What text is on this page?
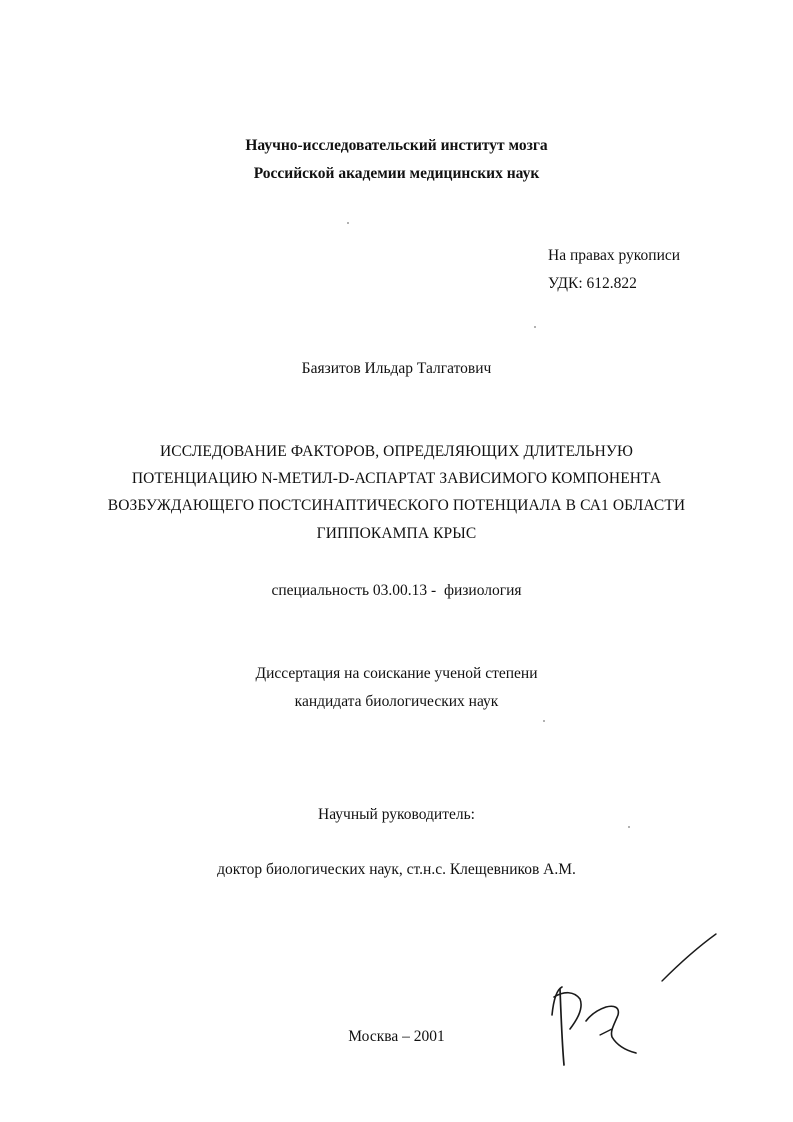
Научно-исследовательский институт мозга
Российской академии медицинских наук
На правах рукописи
УДК: 612.822
Баязитов Ильдар Талгатович
ИССЛЕДОВАНИЕ ФАКТОРОВ, ОПРЕДЕЛЯЮЩИХ ДЛИТЕЛЬНУЮ
ПОТЕНЦИАЦИЮ N-МЕТИЛ-D-АСПАРТАТ ЗАВИСИМОГО КОМПОНЕНТА
ВОЗБУЖДАЮЩЕГО ПОСТСИНАПТИЧЕСКОГО ПОТЕНЦИАЛА В СА1 ОБЛАСТИ
ГИППОКАМПА КРЫС
специальность 03.00.13 -  физиология
Диссертация на соискание ученой степени
кандидата биологических наук
Научный руководитель:
доктор биологических наук, ст.н.с. Клещевников А.М.
Москва – 2001
